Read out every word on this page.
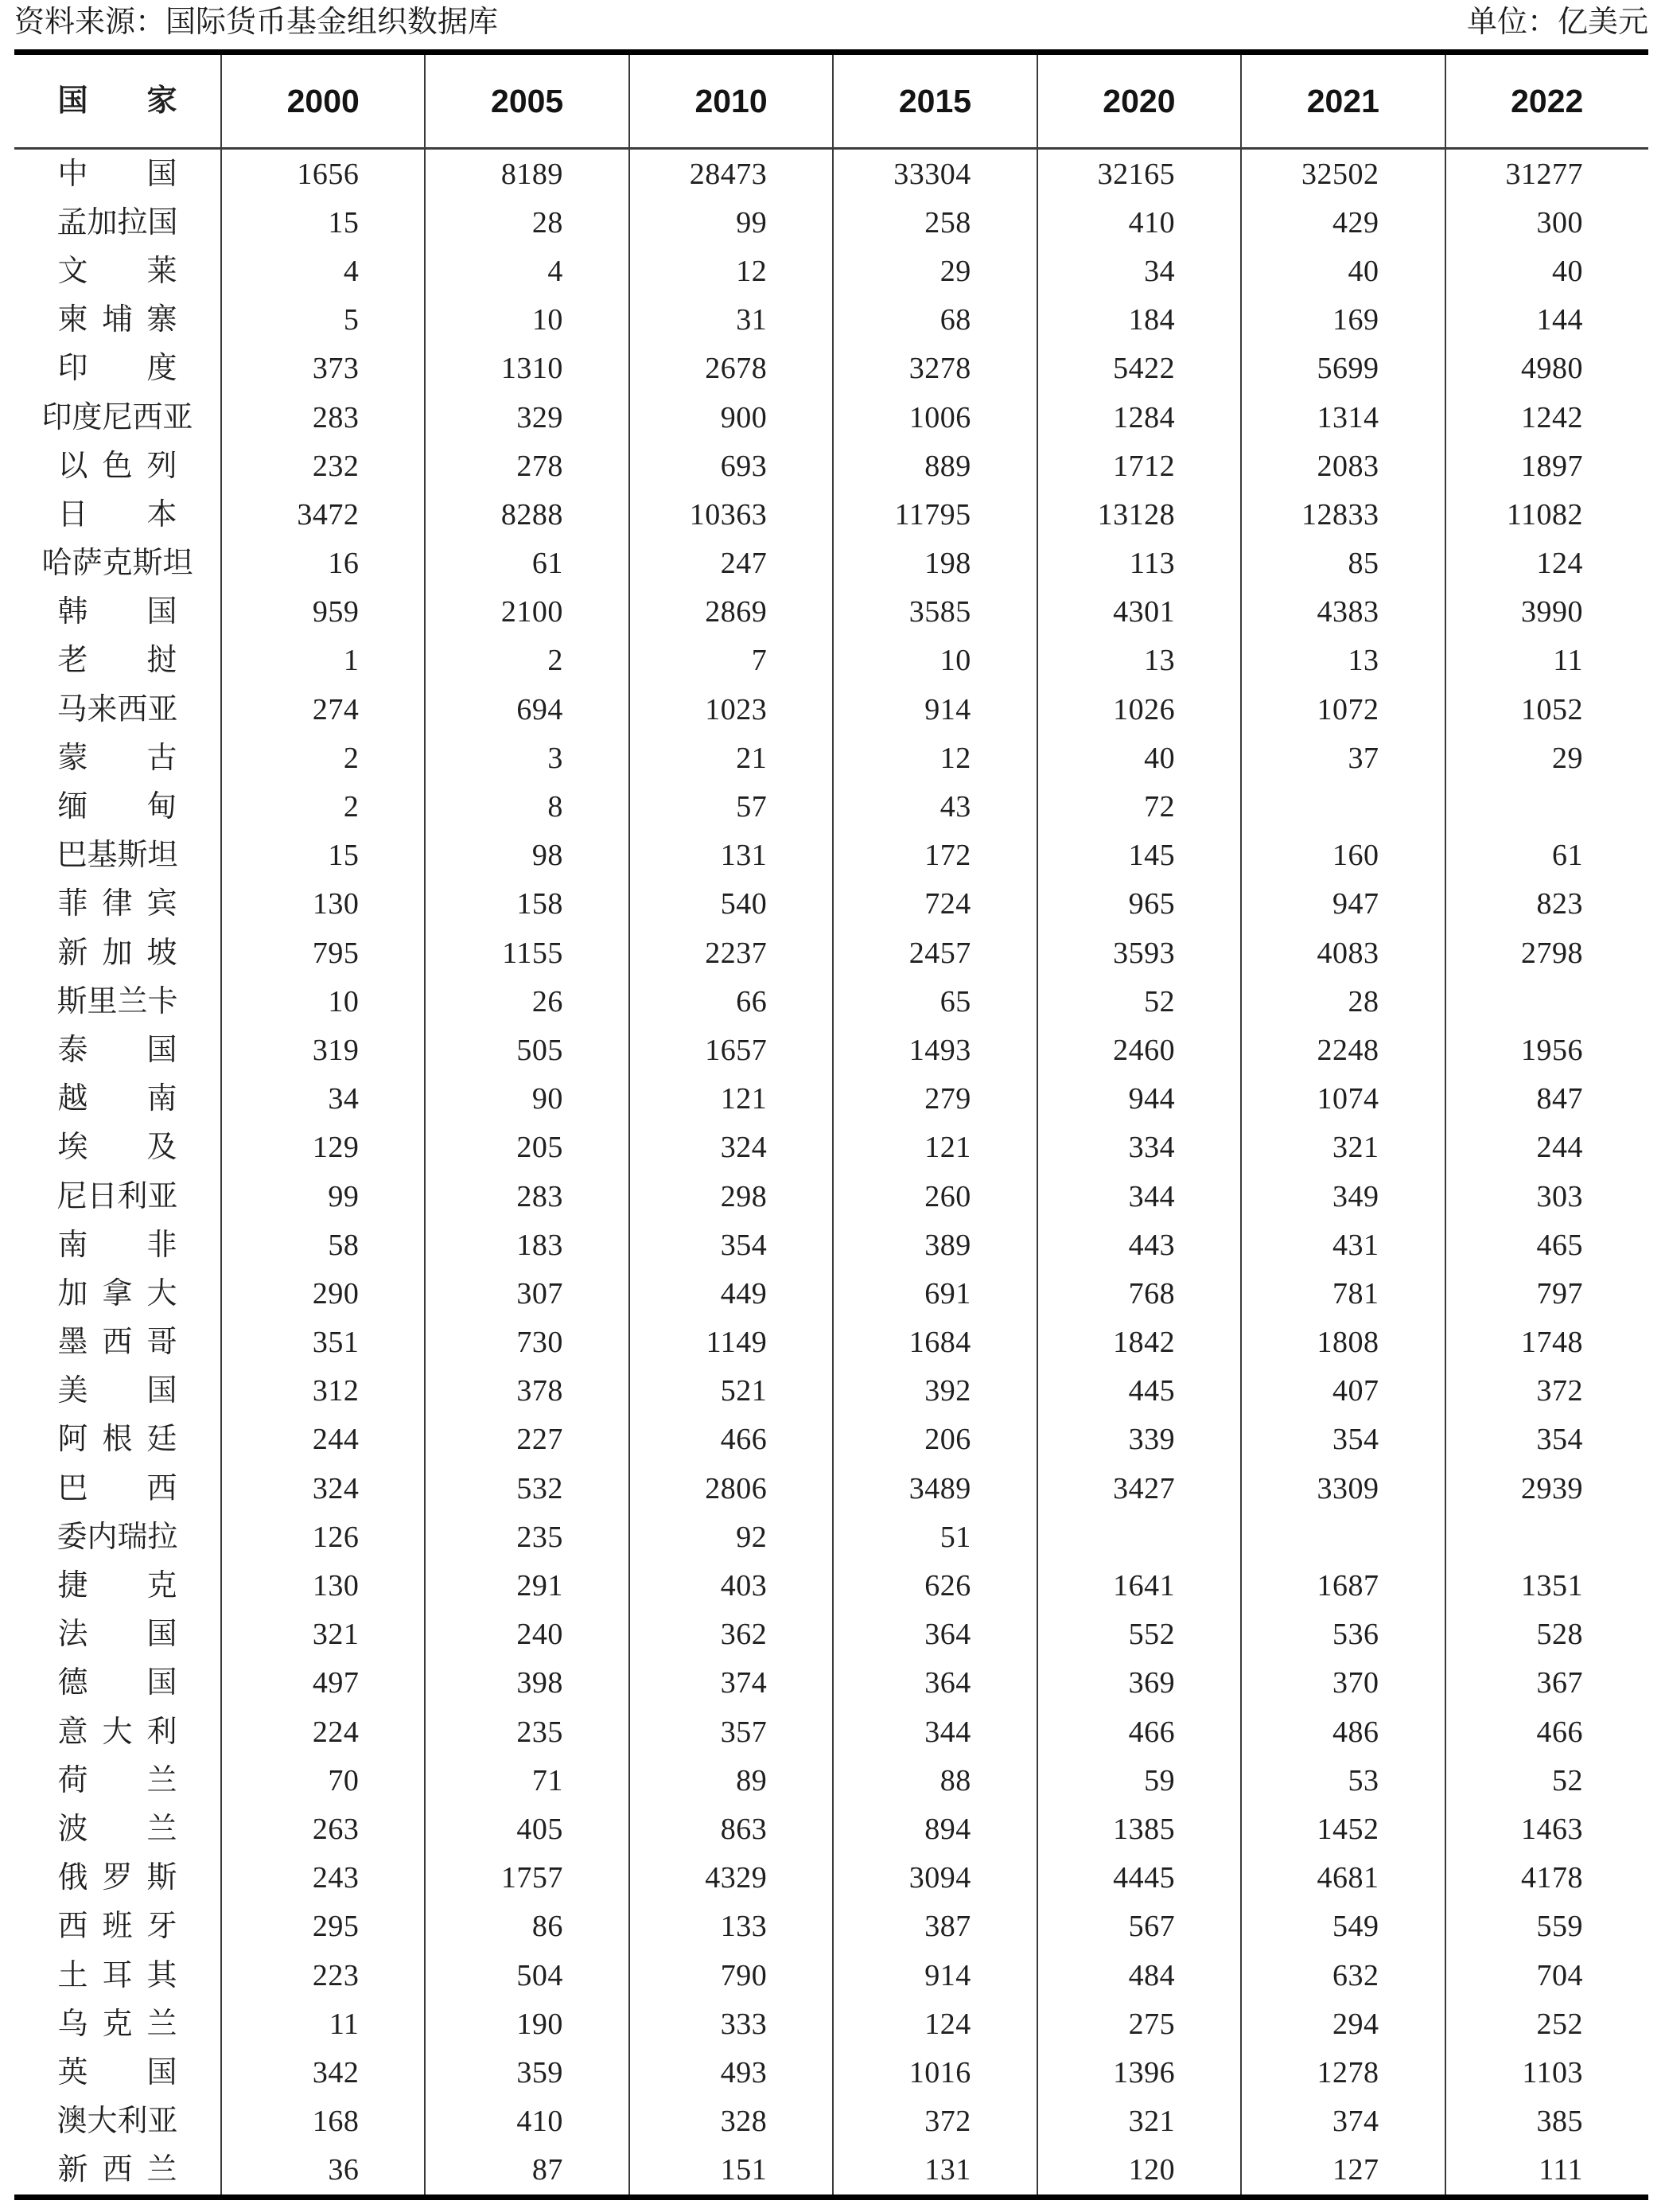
资料来源：国际货币基金组织数据库	单位：亿美元
国 家	2000	2005	2010	2015	2020	2021	2022
中 国	1656	8189	28473	33304	32165	32502	31277
孟 加 拉 国	15	28	99	258	410	429	300
文 莱	4	4	12	29	34	40	40
柬 埔 寨	5	10	31	68	184	169	144
印 度	373	1310	2678	3278	5422	5699	4980
印 度 尼 西 亚	283	329	900	1006	1284	1314	1242
以 色 列	232	278	693	889	1712	2083	1897
日 本	3472	8288	10363	11795	13128	12833	11082
哈 萨 克 斯 坦	16	61	247	198	113	85	124
韩 国	959	2100	2869	3585	4301	4383	3990
老 挝	1	2	7	10	13	13	11
马 来 西 亚	274	694	1023	914	1026	1072	1052
蒙 古	2	3	21	12	40	37	29
缅 甸	2	8	57	43	72
巴 基 斯 坦	15	98	131	172	145	160	61
菲 律 宾	130	158	540	724	965	947	823
新 加 坡	795	1155	2237	2457	3593	4083	2798
斯 里 兰 卡	10	26	66	65	52	28
泰 国	319	505	1657	1493	2460	2248	1956
越 南	34	90	121	279	944	1074	847
埃 及	129	205	324	121	334	321	244
尼 日 利 亚	99	283	298	260	344	349	303
南 非	58	183	354	389	443	431	465
加 拿 大	290	307	449	691	768	781	797
墨 西 哥	351	730	1149	1684	1842	1808	1748
美 国	312	378	521	392	445	407	372
阿 根 廷	244	227	466	206	339	354	354
巴 西	324	532	2806	3489	3427	3309	2939
委 内 瑞 拉	126	235	92	51
捷 克	130	291	403	626	1641	1687	1351
法 国	321	240	362	364	552	536	528
德 国	497	398	374	364	369	370	367
意 大 利	224	235	357	344	466	486	466
荷 兰	70	71	89	88	59	53	52
波 兰	263	405	863	894	1385	1452	1463
俄 罗 斯	243	1757	4329	3094	4445	4681	4178
西 班 牙	295	86	133	387	567	549	559
土 耳 其	223	504	790	914	484	632	704
乌 克 兰	11	190	333	124	275	294	252
英 国	342	359	493	1016	1396	1278	1103
澳 大 利 亚	168	410	328	372	321	374	385
新 西 兰	36	87	151	131	120	127	111
